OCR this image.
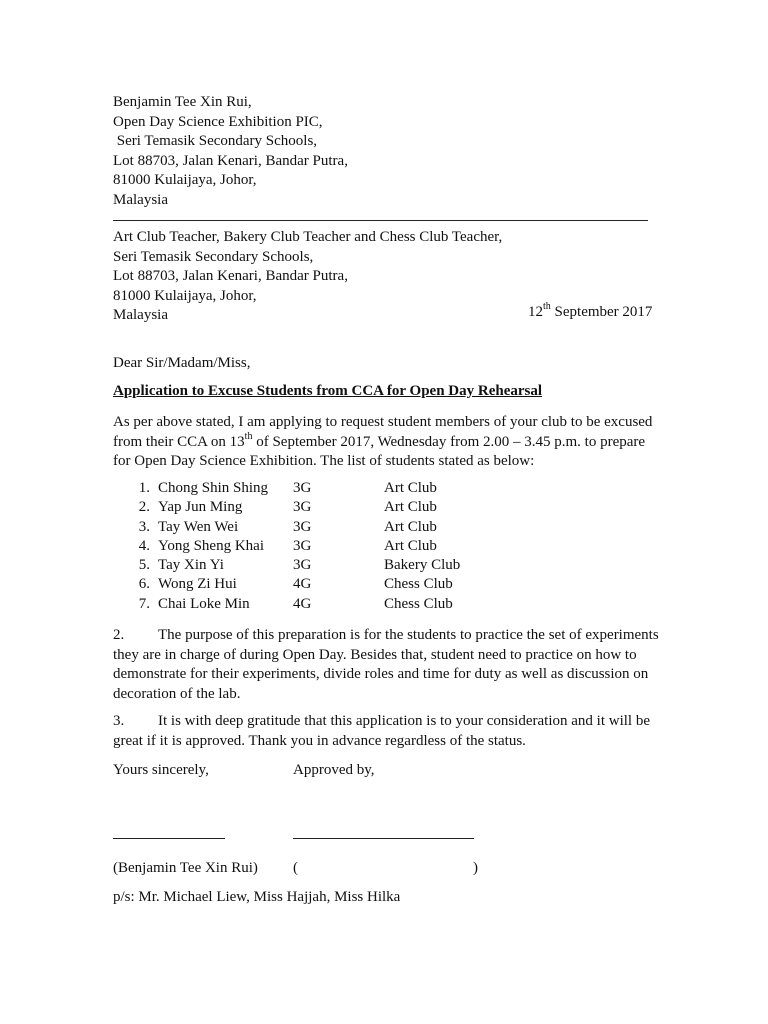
Benjamin Tee Xin Rui,
Open Day Science Exhibition PIC,
Seri Temasik Secondary Schools,
Lot 88703, Jalan Kenari, Bandar Putra,
81000 Kulaijaya, Johor,
Malaysia
Art Club Teacher, Bakery Club Teacher and Chess Club Teacher,
Seri Temasik Secondary Schools,
Lot 88703, Jalan Kenari, Bandar Putra,
81000 Kulaijaya, Johor,
Malaysia	12th September 2017
Dear Sir/Madam/Miss,
Application to Excuse Students from CCA for Open Day Rehearsal
As per above stated, I am applying to request student members of your club to be excused
from their CCA on 13th of September 2017, Wednesday from 2.00 – 3.45 p.m. to prepare
for Open Day Science Exhibition. The list of students stated as below:
1. Chong Shin Shing 3G	Art Club
2. Yap Jun Ming	3G	Art Club
3. Tay Wen Wei	3G	Art Club
4. Yong Sheng Khai 3G	Art Club
5. Tay Xin Yi	3G	Bakery Club
6. Wong Zi Hui	4G	Chess Club
7. Chai Loke Min	4G	Chess Club
2. The purpose of this preparation is for the students to practice the set of experiments
they are in charge of during Open Day. Besides that, student need to practice on how to
demonstrate for their experiments, divide roles and time for duty as well as discussion on
decoration of the lab.
3. It is with deep gratitude that this application is to your consideration and it will be
great if it is approved. Thank you in advance regardless of the status.
Yours sincerely,	Approved by,
(Benjamin Tee Xin Rui) (	)
p/s: Mr. Michael Liew, Miss Hajjah, Miss Hilka
